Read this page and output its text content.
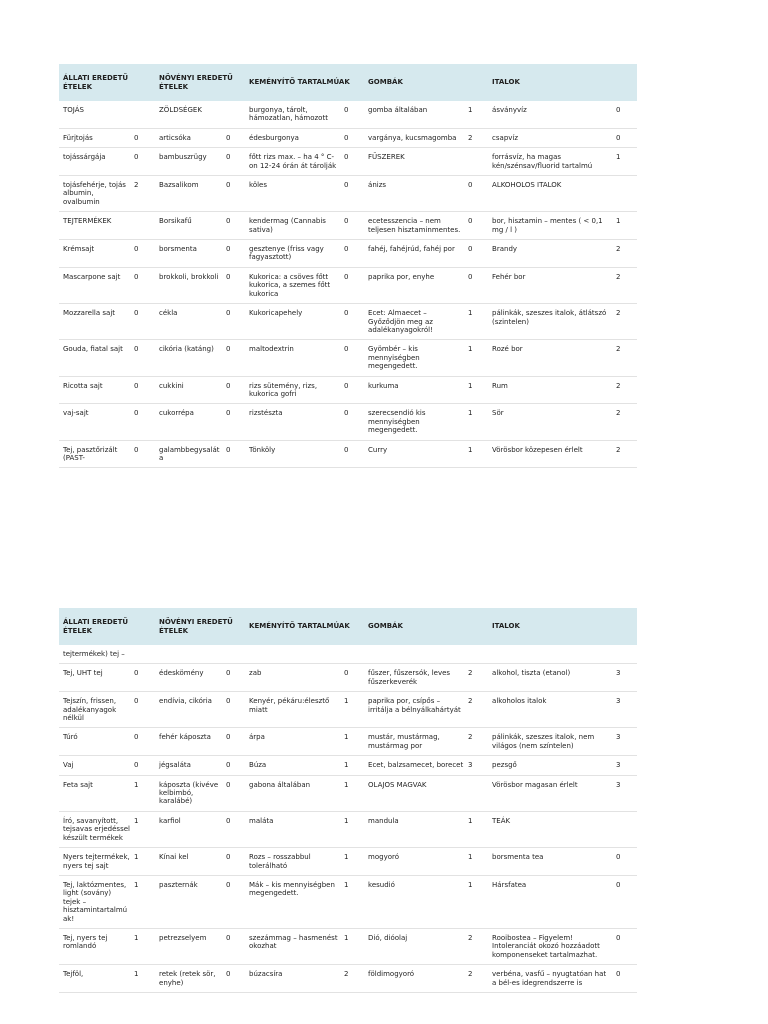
ÁLLATI EREDETŰ ÉTELEK		NÖVÉNYI EREDETŰ ÉTELEK		KEMÉNYÍTŐ TARTALMÚAK		GOMBÁK		ITALOK	
TOJÁS		ZÖLDSÉGEK		burgonya, tárolt, hámozatlan, hámozott	0	gomba általában	1	ásványvíz	0
Fürjtojás	0	articsóka	0	édesburgonya	0	vargánya, kucsmagomba	2	csapvíz	0
tojássárgája	0	bambuszrügy	0	főtt rizs max. – ha 4 ° C-on 12-24 órán át tárolják	0	FŰSZEREK		forrásvíz, ha magas kén/szénsav/fluorid tartalmú	1
tojásfehérje, tojás albumin, ovalbumin	2	Bazsalikom	0	köles	0	ánizs	0	ALKOHOLOS ITALOK	
TEJTERMÉKEK		Borsikafű	0	kendermag (Cannabis sativa)	0	ecetesszencia – nem teljesen hisztaminmentes.	0	bor, hisztamin – mentes ( < 0,1 mg / l )	1
Krémsajt	0	borsmenta	0	gesztenye (friss vagy fagyasztott)	0	fahéj, fahéjrúd, fahéj por	0	Brandy	2
Mascarpone sajt	0	brokkoli, brokkoli	0	Kukorica: a csöves főtt kukorica, a szemes főtt kukorica	0	paprika por, enyhe	0	Fehér bor	2
Mozzarella sajt	0	cékla	0	Kukoricapehely	0	Ecet: Almaecet – Győződjön meg az adalékanyagokról!	1	pálinkák, szeszes italok, átlátszó (szintelen)	2
Gouda, fiatal sajt	0	cikória (katáng)	0	maltodextrin	0	Gyömbér – kis mennyiségben megengedett.	1	Rozé bor	2
Ricotta sajt	0	cukkini	0	rizs sütemény, rizs, kukorica gofri	0	kurkuma	1	Rum	2
vaj-sajt	0	cukorrépa	0	rizstészta	0	szerecsendió kis mennyiségben megengedett.	1	Sör	2
Tej, pasztőrizált (PAST-	0	galambbegysaláta	0	Tönköly	0	Curry	1	Vörösbor közepesen érlelt	2
ÁLLATI EREDETŰ ÉTELEK		NÖVÉNYI EREDETŰ ÉTELEK		KEMÉNYÍTŐ TARTALMÚAK		GOMBÁK		ITALOK	
tejtermékek) tej –									
Tej, UHT tej	0	édeskömény	0	zab	0	fűszer, fűszersók, leves fűszerkeverék	2	alkohol, tiszta (etanol)	3
Tejszín, frissen, adalékanyagok nélkül	0	endívia, cikória	0	Kenyér, pékáru:élesztő miatt	1	paprika por, csípős – irritálja a bélnyálkahártyát	2	alkoholos italok	3
Túró	0	fehér káposzta	0	árpa	1	mustár, mustármag, mustármag por	2	pálinkák, szeszes italok, nem világos (nem színtelen)	3
Vaj	0	jégsaláta	0	Búza	1	Ecet, balzsamecet, borecet	3	pezsgő	3
Feta sajt	1	káposzta (kivéve kelbimbó, karalábé)	0	gabona általában	1	OLAJOS MAGVAK		Vörösbor magasan érlelt	3
Író, savanyított, tejsavas erjedéssel készült termékek	1	karfiol	0	maláta	1	mandula	1	TEÁK	
Nyers tejtermékek, nyers tej sajt	1	Kínai kel	0	Rozs – rosszabbul tolerálható	1	mogyoró	1	borsmenta tea	0
Tej, laktózmentes, light (sovány) tejek – hisztamintartalmú ak!	1	paszternák	0	Mák – kis mennyiségben megengedett.	1	kesudió	1	Hársfatea	0
Tej, nyers tej romlandó	1	petrezselyem	0	szezámmag – hasmenést okozhat	1	Dió, dióolaj	2	Rooibostea – Figyelem! Intoleranciát okozó hozzáadott komponenseket tartalmazhat.	0
Tejföl,	1	retek (retek sör, enyhe)	0	búzacsíra	2	földimogyoró	2	verbéna, vasfű – nyugtatóan hat a bél-es idegrendszerre is	0
